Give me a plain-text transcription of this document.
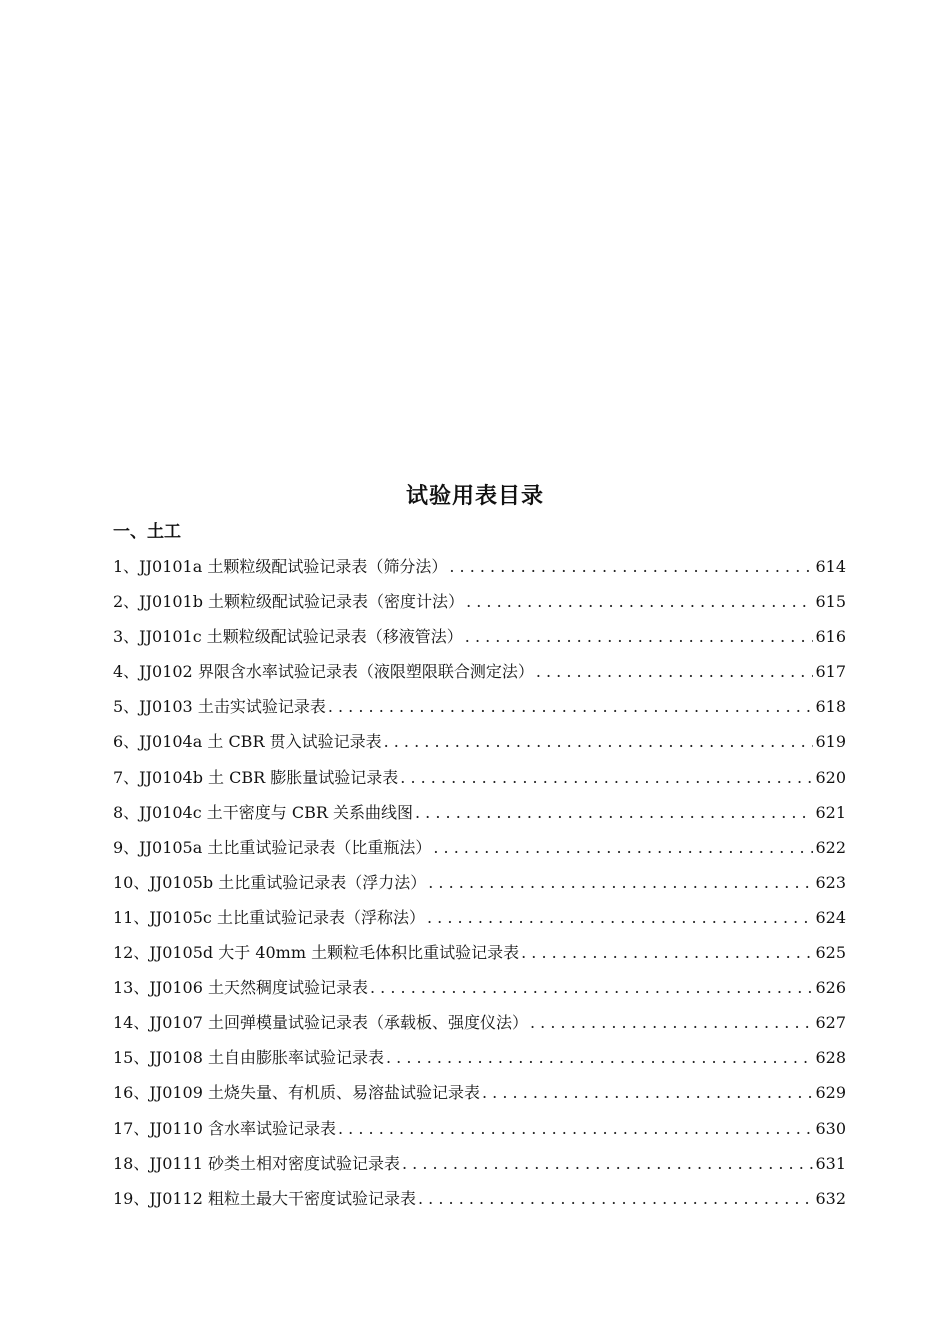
试验用表目录
一、土工
1、JJ0101a 土颗粒级配试验记录表（筛分法） . . .	614
2、JJ0101b 土颗粒级配试验记录表（密度计法） . . .	615
3、JJ0101c 土颗粒级配试验记录表（移液管法） . . .	616
4、JJ0102 界限含水率试验记录表（液限塑限联合测定法） . . .	617
5、JJ0103 土击实试验记录表 . . .	618
6、JJ0104a 土 CBR 贯入试验记录表 . . .	619
7、JJ0104b 土 CBR 膨胀量试验记录表 . . .	620
8、JJ0104c 土干密度与 CBR 关系曲线图 . . .	621
9、JJ0105a 土比重试验记录表（比重瓶法） . . .	622
10、JJ0105b 土比重试验记录表（浮力法） . . .	623
11、JJ0105c 土比重试验记录表（浮称法） . . .	624
12、JJ0105d 大于 40mm 土颗粒毛体积比重试验记录表 . . .	625
13、JJ0106 土天然稠度试验记录表 . . .	626
14、JJ0107 土回弹模量试验记录表（承载板、强度仪法） . . .	627
15、JJ0108 土自由膨胀率试验记录表 . . .	628
16、JJ0109 土烧失量、有机质、易溶盐试验记录表 . . .	629
17、JJ0110 含水率试验记录表 . . .	630
18、JJ0111 砂类土相对密度试验记录表 . . .	631
19、JJ0112 粗粒土最大干密度试验记录表 . . .	632
